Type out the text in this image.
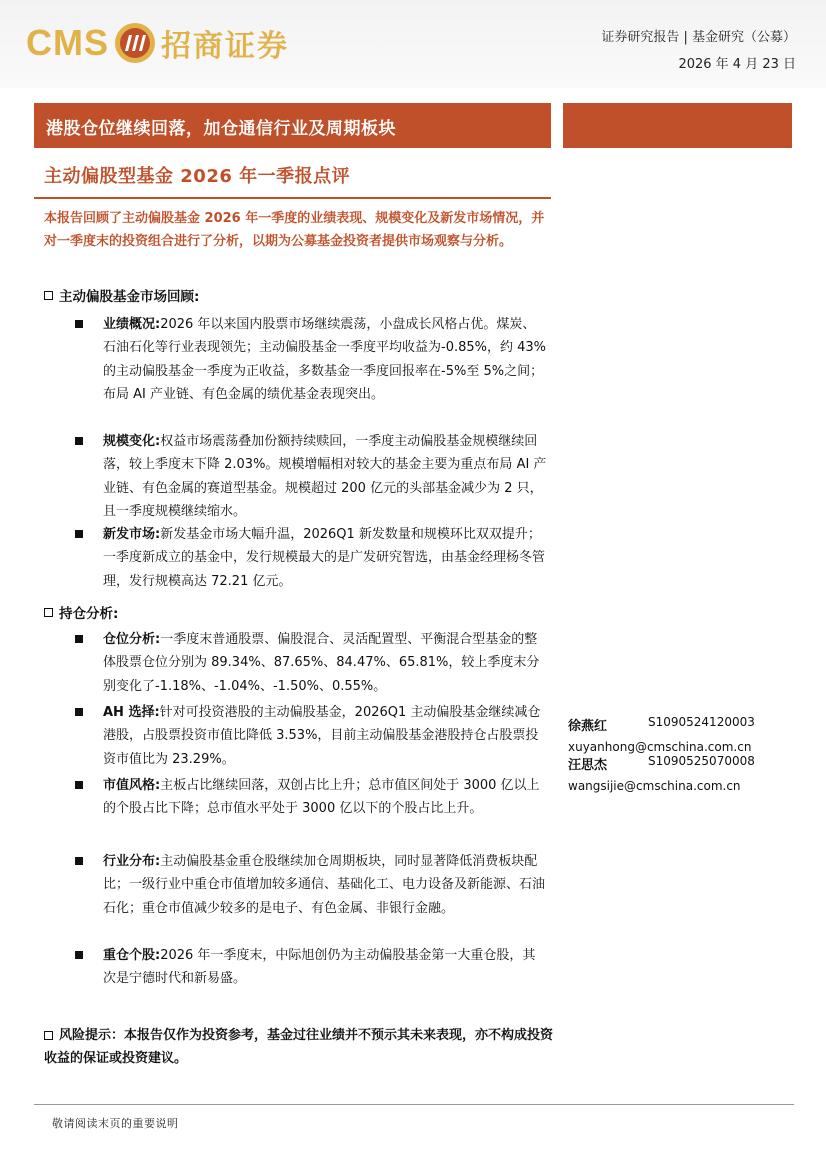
CMS 招商证券	证券研究报告 | 基金研究（公募）
2026 年 4 月 23 日
港股仓位继续回落，加仓通信行业及周期板块
主动偏股型基金 2026 年一季报点评
本报告回顾了主动偏股基金 2026 年一季度的业绩表现、规模变化及新发市场情况，并对一季度末的投资组合进行了分析，以期为公募基金投资者提供市场观察与分析。
主动偏股基金市场回顾:
业绩概况:2026 年以来国内股票市场继续震荡，小盘成长风格占优。煤炭、石油石化等行业表现领先；主动偏股基金一季度平均收益为-0.85%，约 43%的主动偏股基金一季度为正收益，多数基金一季度回报率在-5%至 5%之间；布局 AI 产业链、有色金属的绩优基金表现突出。
规模变化:权益市场震荡叠加份额持续赎回，一季度主动偏股基金规模继续回落，较上季度末下降 2.03%。规模增幅相对较大的基金主要为重点布局 AI 产业链、有色金属的赛道型基金。规模超过 200 亿元的头部基金减少为 2 只，且一季度规模继续缩水。
新发市场:新发基金市场大幅升温，2026Q1 新发数量和规模环比双双提升；一季度新成立的基金中，发行规模最大的是广发研究智选，由基金经理杨冬管理，发行规模高达 72.21 亿元。
持仓分析:
仓位分析:一季度末普通股票、偏股混合、灵活配置型、平衡混合型基金的整体股票仓位分别为 89.34%、87.65%、84.47%、65.81%，较上季度末分别变化了-1.18%、-1.04%、-1.50%、0.55%。
AH 选择:针对可投资港股的主动偏股基金，2026Q1 主动偏股基金继续减仓港股，占股票投资市值比降低 3.53%，目前主动偏股基金港股持仓占股票投资市值比为 23.29%。
市值风格:主板占比继续回落，双创占比上升；总市值区间处于 3000 亿以上的个股占比下降；总市值水平处于 3000 亿以下的个股占比上升。
行业分布:主动偏股基金重仓股继续加仓周期板块，同时显著降低消费板块配比；一级行业中重仓市值增加较多通信、基础化工、电力设备及新能源、石油石化；重仓市值减少较多的是电子、有色金属、非银行金融。
重仓个股:2026 年一季度末，中际旭创仍为主动偏股基金第一大重仓股，其次是宁德时代和新易盛。
徐燕红	S1090524120003
xuyanhong@cmschina.com.cn
汪思杰	S1090525070008
wangsijie@cmschina.com.cn
风险提示：本报告仅作为投资参考，基金过往业绩并不预示其未来表现，亦不构成投资收益的保证或投资建议。
敬请阅读末页的重要说明
